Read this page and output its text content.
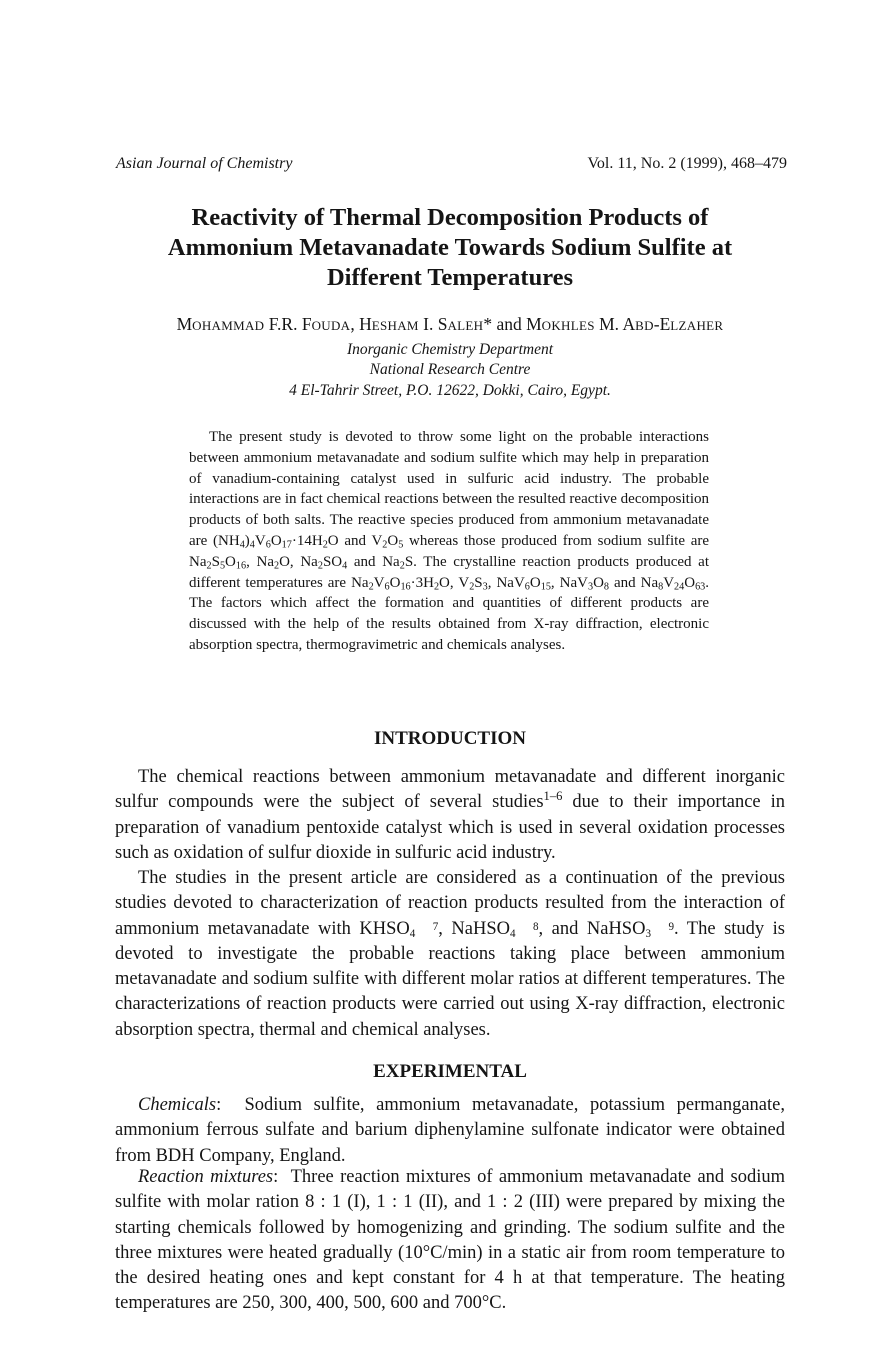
Asian Journal of Chemistry	Vol. 11, No. 2 (1999), 468–479
Reactivity of Thermal Decomposition Products of
Ammonium Metavanadate Towards Sodium Sulfite at
Different Temperatures
MOHAMMAD F.R. FOUDA, HESHAM I. SALEH* and MOKHLES M. ABD-ELZAHER
Inorganic Chemistry Department
National Research Centre
4 El-Tahrir Street, P.O. 12622, Dokki, Cairo, Egypt.

The present study is devoted to throw some light on the probable interactions between ammonium metavanadate and sodium sulfite which may help in preparation of vanadium-containing catalyst used in sulfuric acid industry. The probable interactions are in fact chemical reactions between the resulted reactive decomposition products of both salts. The reactive species produced from ammonium metavanadate are $(NH_4)_4V_6O_{17}\cdot 14H_2O$ and $V_2O_5$ whereas those produced from sodium sulfite are $Na_2S_5O_{16}$, $Na_2O$, $Na_2SO_4$ and $Na_2S$. The crystalline reaction products produced at different temperatures are $Na_2V_6O_{16}\cdot 3H_2O$, $V_2S_3$, $NaV_6O_{15}$, $NaV_3O_8$ and $Na_8V_{24}O_{63}$. The factors which affect the formation and quantities of different products are discussed with the help of the results obtained from X-ray diffraction, electronic absorption spectra, thermogravimetric and chemicals analyses.

INTRODUCTION

The chemical reactions between ammonium metavanadate and different inorganic sulfur compounds were the subject of several studies$^{1-6}$ due to their importance in preparation of vanadium pentoxide catalyst which is used in several oxidation processes such as oxidation of sulfur dioxide in sulfuric acid industry.

The studies in the present article are considered as a continuation of the previous studies devoted to characterization of reaction products resulted from the interaction of ammonium metavanadate with KHSO 7
4 , NaHSO 8
4 , and NaHSO 9
3 . The study is devoted to investigate the probable reactions taking place between ammonium metavanadate and sodium sulfite with different molar ratios at different temperatures. The characterizations of reaction products were carried out using X-ray diffraction, electronic absorption spectra, thermal and chemical analyses.

EXPERIMENTAL

Chemicals:  Sodium sulfite, ammonium metavanadate, potassium permanganate, ammonium ferrous sulfate and barium diphenylamine sulfonate indicator were obtained from BDH Company, England.

Reaction mixtures:  Three reaction mixtures of ammonium metavanadate and sodium sulfite with molar ration 8 : 1 (I), 1 : 1 (II), and 1 : 2 (III) were prepared by mixing the starting chemicals followed by homogenizing and grinding. The sodium sulfite and the three mixtures were heated gradually (10°C/min) in a static air from room temperature to the desired heating ones and kept constant for 4 h at that temperature. The heating temperatures are 250, 300, 400, 500, 600 and 700°C.
